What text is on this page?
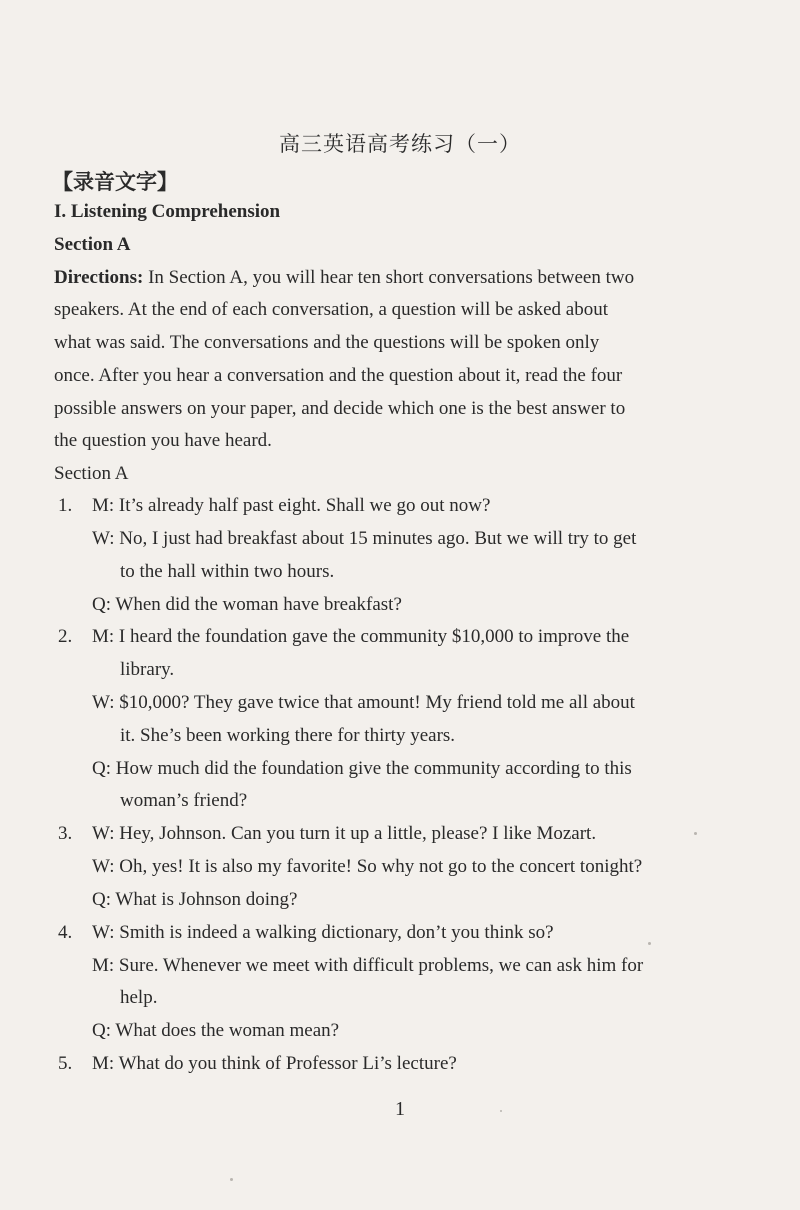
高三英语高考练习（一）
【录音文字】
I. Listening Comprehension
Section A
Directions: In Section A, you will hear ten short conversations between two
speakers. At the end of each conversation, a question will be asked about
what was said. The conversations and the questions will be spoken only
once. After you hear a conversation and the question about it, read the four
possible answers on your paper, and decide which one is the best answer to
the question you have heard.
Section A
1. M: It’s already half past eight. Shall we go out now?
W: No, I just had breakfast about 15 minutes ago. But we will try to get
to the hall within two hours.
Q: When did the woman have breakfast?
2. M: I heard the foundation gave the community $10,000 to improve the
library.
W: $10,000? They gave twice that amount! My friend told me all about
it. She’s been working there for thirty years.
Q: How much did the foundation give the community according to this
woman’s friend?
3. W: Hey, Johnson. Can you turn it up a little, please? I like Mozart.
W: Oh, yes! It is also my favorite! So why not go to the concert tonight?
Q: What is Johnson doing?
4. W: Smith is indeed a walking dictionary, don’t you think so?
M: Sure. Whenever we meet with difficult problems, we can ask him for
help.
Q: What does the woman mean?
5. M: What do you think of Professor Li’s lecture?
1
